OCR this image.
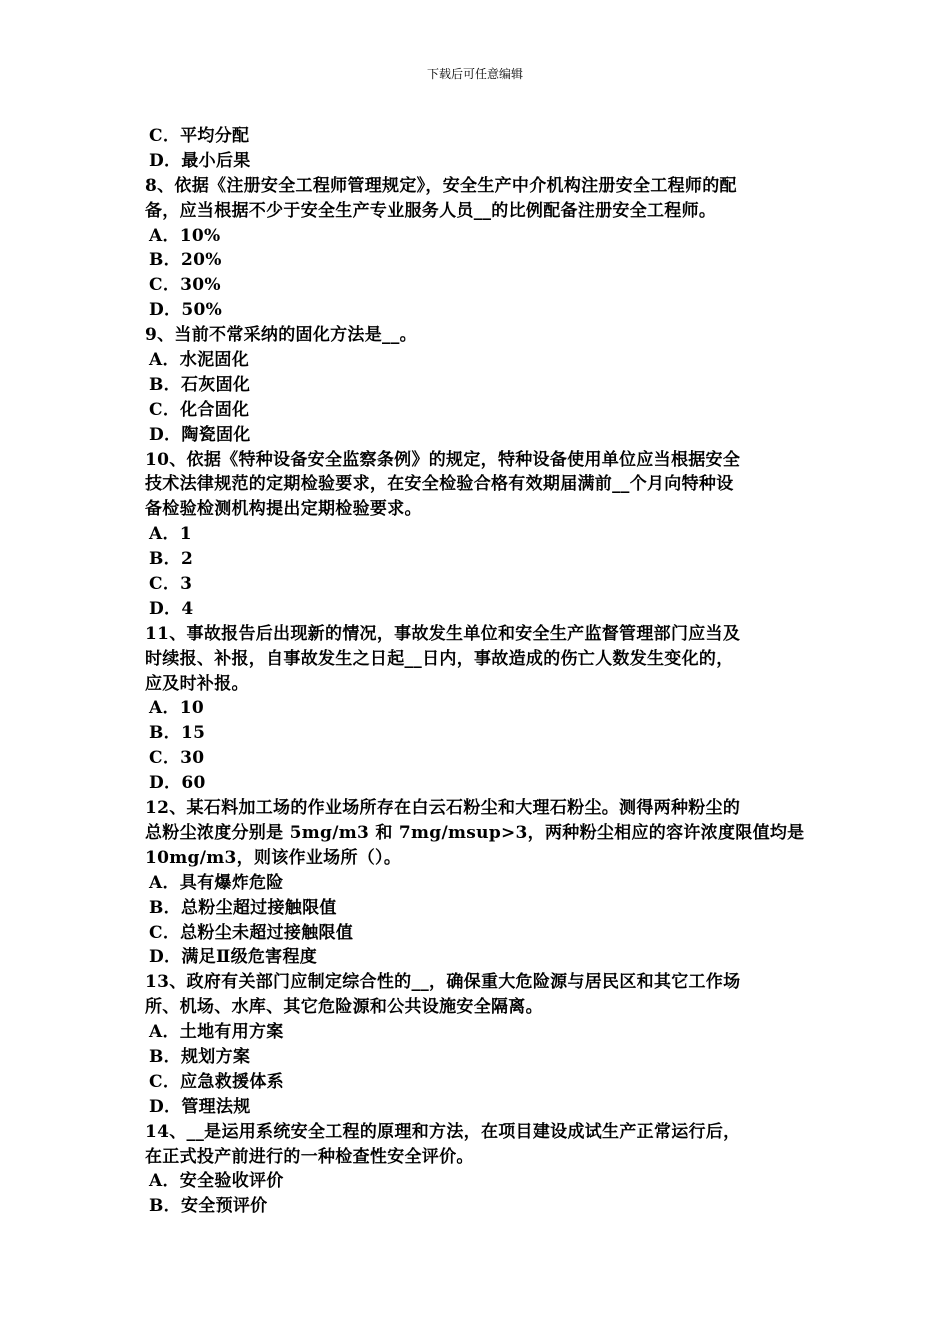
下载后可任意编辑
C．平均分配
D．最小后果
8、依据《注册安全工程师管理规定》，安全生产中介机构注册安全工程师的配
备，应当根据不少于安全生产专业服务人员__的比例配备注册安全工程师。
A．10%
B．20%
C．30%
D．50%
9、当前不常采纳的固化方法是__。
A．水泥固化
B．石灰固化
C．化合固化
D．陶瓷固化
10、依据《特种设备安全监察条例》的规定，特种设备使用单位应当根据安全
技术法律规范的定期检验要求，在安全检验合格有效期届满前__个月向特种设
备检验检测机构提出定期检验要求。
A．1
B．2
C．3
D．4
11、事故报告后出现新的情况，事故发生单位和安全生产监督管理部门应当及
时续报、补报，自事故发生之日起__日内，事故造成的伤亡人数发生变化的，
应及时补报。
A．10
B．15
C．30
D．60
12、某石料加工场的作业场所存在白云石粉尘和大理石粉尘。测得两种粉尘的
总粉尘浓度分别是 5mg/m3 和 7mg/msup>3，两种粉尘相应的容许浓度限值均是
10mg/m3，则该作业场所（）。
A．具有爆炸危险
B．总粉尘超过接触限值
C．总粉尘未超过接触限值
D．满足Ⅱ级危害程度
13、政府有关部门应制定综合性的__，确保重大危险源与居民区和其它工作场
所、机场、水库、其它危险源和公共设施安全隔离。
A．土地有用方案
B．规划方案
C．应急救援体系
D．管理法规
14、__是运用系统安全工程的原理和方法，在项目建设成试生产正常运行后，
在正式投产前进行的一种检查性安全评价。
A．安全验收评价
B．安全预评价
